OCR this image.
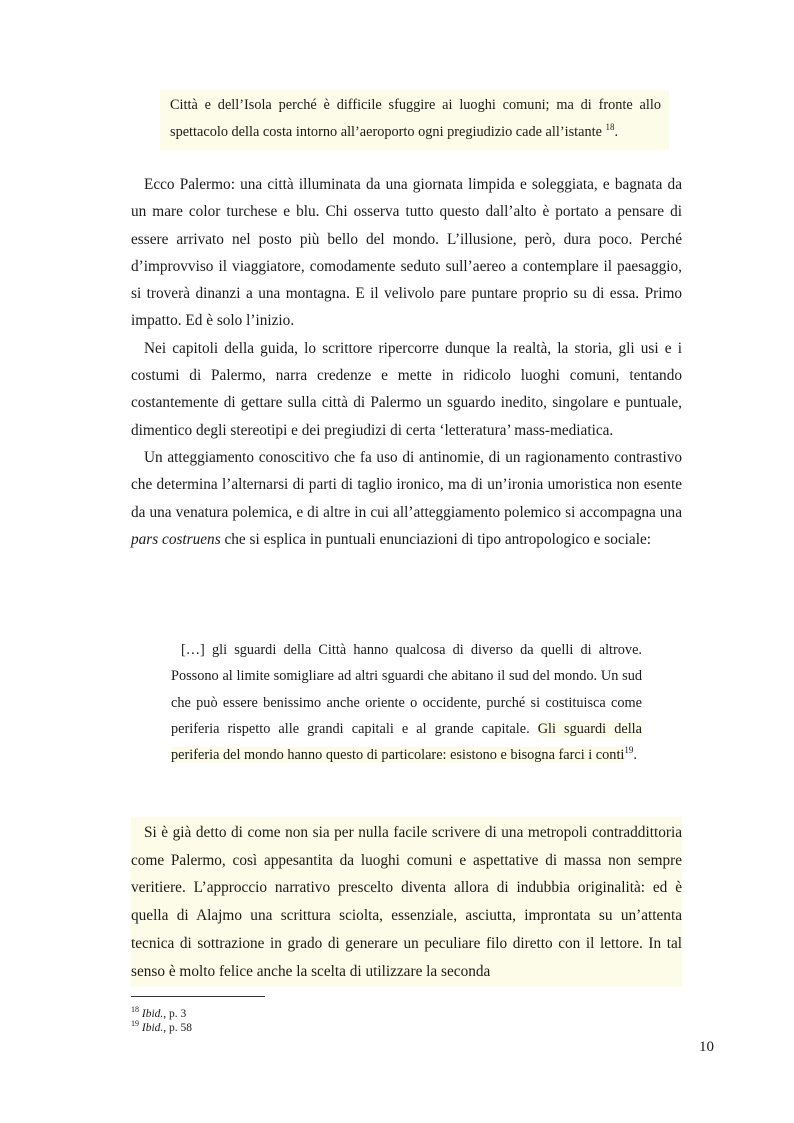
Città e dell’Isola perché è difficile sfuggire ai luoghi comuni; ma di fronte allo spettacolo della costa intorno all’aeroporto ogni pregiudizio cade all’istante $^{18}$.

Ecco Palermo: una città illuminata da una giornata limpida e soleggiata, e bagnata da un mare color turchese e blu. Chi osserva tutto questo dall’alto è portato a pensare di essere arrivato nel posto più bello del mondo. L’illusione, però, dura poco. Perché d’improvviso il viaggiatore, comodamente seduto sull’aereo a contemplare il paesaggio, si troverà dinanzi a una montagna. E il velivolo pare puntare proprio su di essa. Primo impatto. Ed è solo l’inizio.

Nei capitoli della guida, lo scrittore ripercorre dunque la realtà, la storia, gli usi e i costumi di Palermo, narra credenze e mette in ridicolo luoghi comuni, tentando costantemente di gettare sulla città di Palermo un sguardo inedito, singolare e puntuale, dimentico degli stereotipi e dei pregiudizi di certa ‘letteratura’ mass-mediatica.

Un atteggiamento conoscitivo che fa uso di antinomie, di un ragionamento contrastivo che determina l’alternarsi di parti di taglio ironico, ma di un’ironia umoristica non esente da una venatura polemica, e di altre in cui all’atteggiamento polemico si accompagna una pars costruens che si esplica in puntuali enunciazioni di tipo antropologico e sociale:

[…] gli sguardi della Città hanno qualcosa di diverso da quelli di altrove. Possono al limite somigliare ad altri sguardi che abitano il sud del mondo. Un sud che può essere benissimo anche oriente o occidente, purché si costituisca come periferia rispetto alle grandi capitali e al grande capitale. Gli sguardi della periferia del mondo hanno questo di particolare: esistono e bisogna farci i conti$^{19}$.

Si è già detto di come non sia per nulla facile scrivere di una metropoli contraddittoria come Palermo, così appesantita da luoghi comuni e aspettative di massa non sempre veritiere. L’approccio narrativo prescelto diventa allora di indubbia originalità: ed è quella di Alajmo una scrittura sciolta, essenziale, asciutta, improntata su un’attenta tecnica di sottrazione in grado di generare un peculiare filo diretto con il lettore. In tal senso è molto felice anche la scelta di utilizzare la seconda

$^{18}$ Ibid., p. 3
$^{19}$ Ibid., p. 58
10
